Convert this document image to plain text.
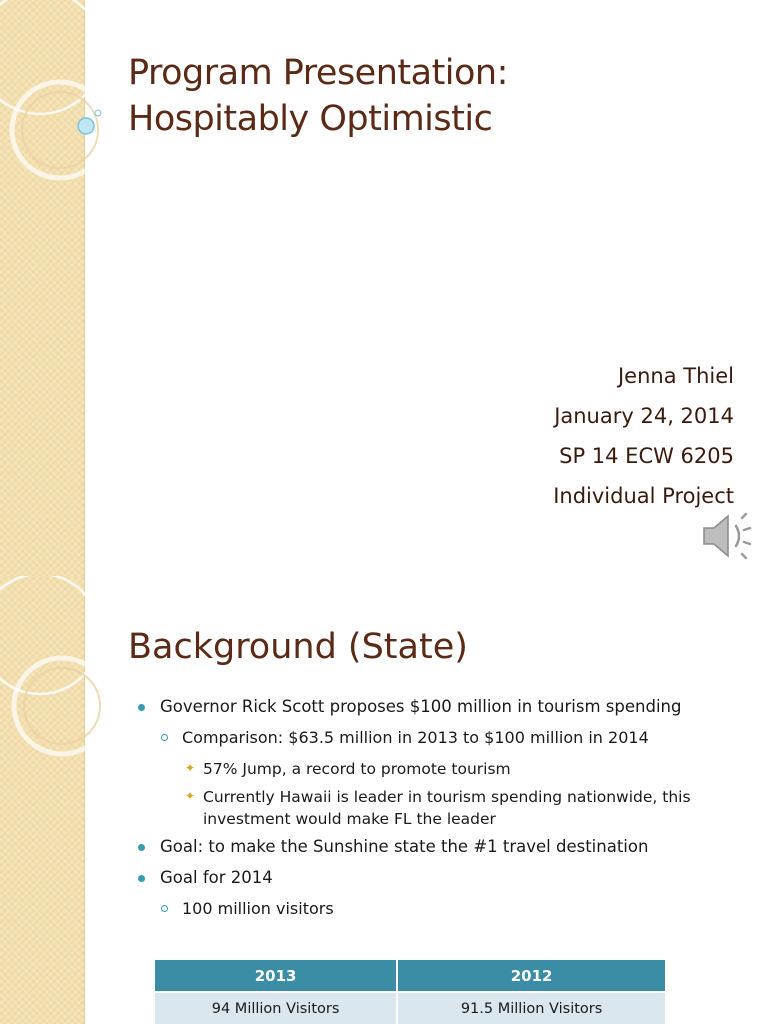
Program Presentation:
Hospitably Optimistic
Jenna Thiel
January 24, 2014
SP 14 ECW 6205
Individual Project
Background (State)
Governor Rick Scott proposes $100 million in tourism spending
Comparison: $63.5 million in 2013 to $100 million in 2014
✦ 57% Jump, a record to promote tourism
✦ Currently Hawaii is leader in tourism spending nationwide, this investment would make FL the leader
Goal: to make the Sunshine state the #1 travel destination
Goal for 2014
100 million visitors
2013	2012
94 Million Visitors	91.5 Million Visitors
